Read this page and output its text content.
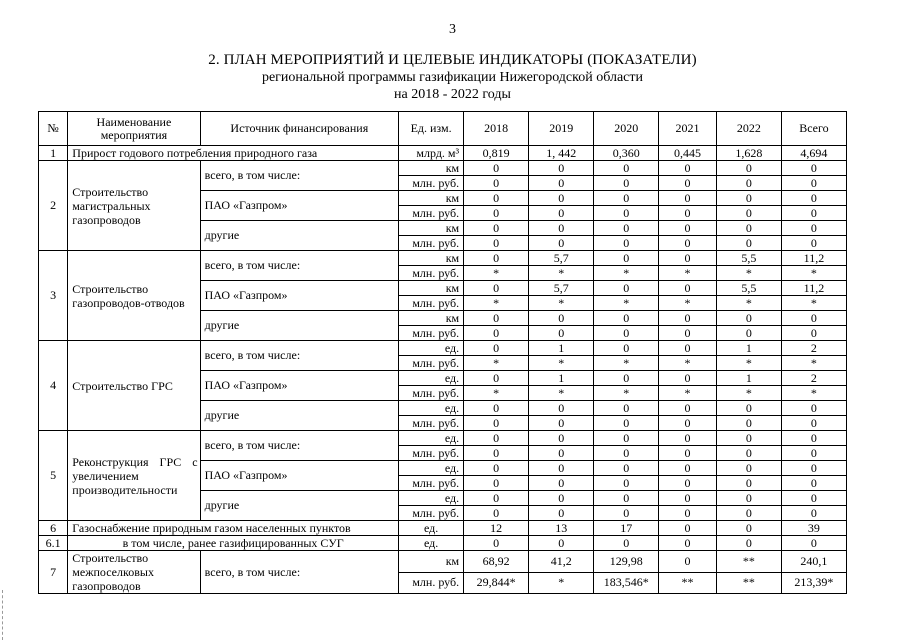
3
2. ПЛАН МЕРОПРИЯТИЙ И ЦЕЛЕВЫЕ ИНДИКАТОРЫ (ПОКАЗАТЕЛИ)
региональной программы газификации Нижегородской области
на 2018 - 2022 годы
№	Наименование мероприятия	Источник финансирования	Ед. изм.	2018	2019	2020	2021	2022	Всего
1	Прирост годового потребления природного газа		млрд. м³	0,819	1, 442	0,360	0,445	1,628	4,694
2	Строительство магистральных газопроводов	всего, в том числе:	км	0	0	0	0	0	0
			млн. руб.	0	0	0	0	0	0
		ПАО «Газпром»	км	0	0	0	0	0	0
			млн. руб.	0	0	0	0	0	0
		другие	км	0	0	0	0	0	0
			млн. руб.	0	0	0	0	0	0
3	Строительство газопроводов-отводов	всего, в том числе:	км	0	5,7	0	0	5,5	11,2
			млн. руб.	*	*	*	*	*	*
		ПАО «Газпром»	км	0	5,7	0	0	5,5	11,2
			млн. руб.	*	*	*	*	*	*
		другие	км	0	0	0	0	0	0
			млн. руб.	0	0	0	0	0	0
4	Строительство ГРС	всего, в том числе:	ед.	0	1	0	0	1	2
			млн. руб.	*	*	*	*	*	*
		ПАО «Газпром»	ед.	0	1	0	0	1	2
			млн. руб.	*	*	*	*	*	*
		другие	ед.	0	0	0	0	0	0
			млн. руб.	0	0	0	0	0	0
5	Реконструкция ГРС с увеличением производительности	всего, в том числе:	ед.	0	0	0	0	0	0
			млн. руб.	0	0	0	0	0	0
		ПАО «Газпром»	ед.	0	0	0	0	0	0
			млн. руб.	0	0	0	0	0	0
		другие	ед.	0	0	0	0	0	0
			млн. руб.	0	0	0	0	0	0
6	Газоснабжение природным газом населенных пунктов		ед.	12	13	17	0	0	39
6.1	в том числе, ранее газифицированных СУГ		ед.	0	0	0	0	0	0
7	Строительство межпоселковых газопроводов	всего, в том числе:	км	68,92	41,2	129,98	0	**	240,1
			млн. руб.	29,844*	*	183,546*	**	**	213,39*
